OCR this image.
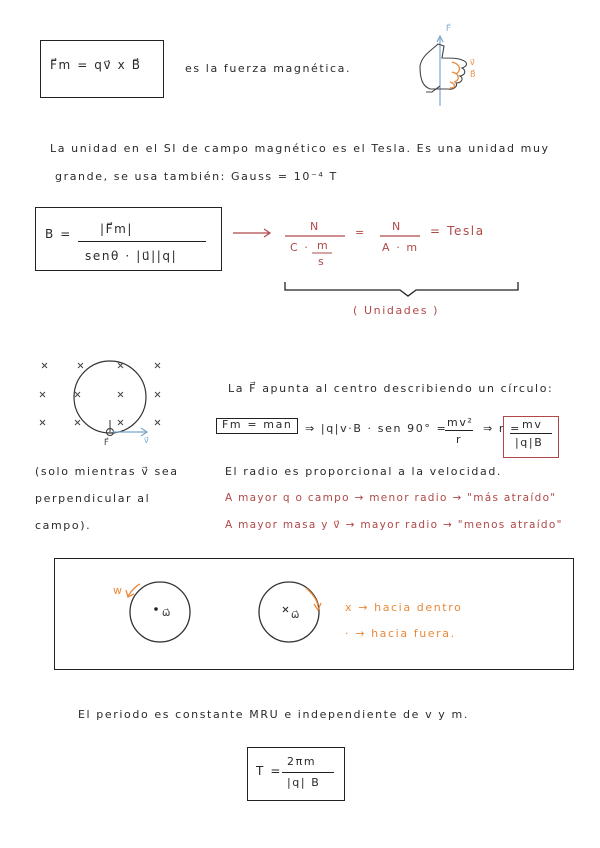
F⃗m = qv⃗ x B⃗	es la fuerza magnética.
F⃗
v⃗
B⃗
La unidad en el SI de campo magnético es el Tesla. Es una unidad muy
grande, se usa también: Gauss = 10⁻⁴ T
B = |F⃗m|
senθ · |u⃗||q|
N
C · m
s
= N
A · m
= Tesla
( Unidades )
F⃗	v⃗
La F⃗ apunta al centro describiendo un círculo:
Fm = man ⇒ |q|v·B · sen 90° = mv²
r
⇒ r = mv
|q|B
(solo mientras v⃗ sea
perpendicular al
campo).
El radio es proporcional a la velocidad.
A mayor q o campo → menor radio → "más atraído"
A mayor masa y v⃗ → mayor radio → "menos atraído"
w
ω⃗	ω⃗
x → hacia dentro
· → hacia fuera.
El periodo es constante MRU e independiente de v y m.
T =
2πm
|q| B
